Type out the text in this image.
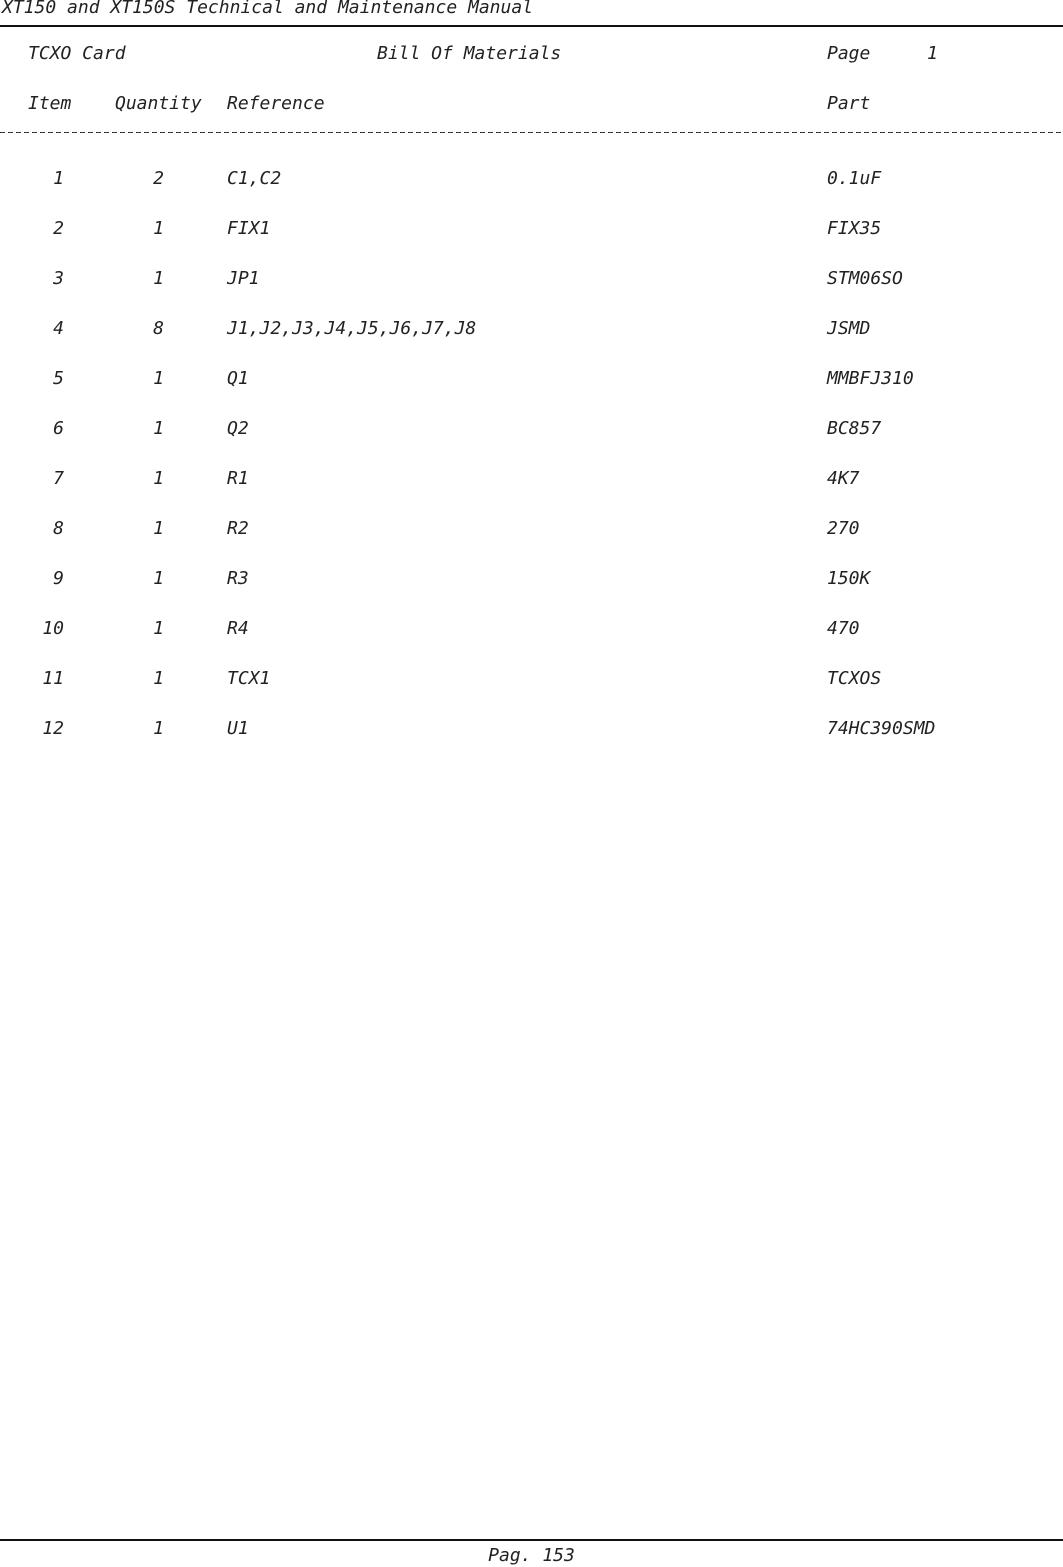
XT150 and XT150S Technical and Maintenance Manual
TCXO Card	Bill Of Materials	Page	1
Item Quantity Reference	Part
1	2	C1,C2	0.1uF
2	1	FIX1	FIX35
3	1	JP1	STM06SO
4	8	J1,J2,J3,J4,J5,J6,J7,J8	JSMD
5	1	Q1	MMBFJ310
6	1	Q2	BC857
7	1	R1	4K7
8	1	R2	270
9	1	R3	150K
10	1	R4	470
11	1	TCX1	TCXOS
12	1	U1	74HC390SMD
Pag. 153
